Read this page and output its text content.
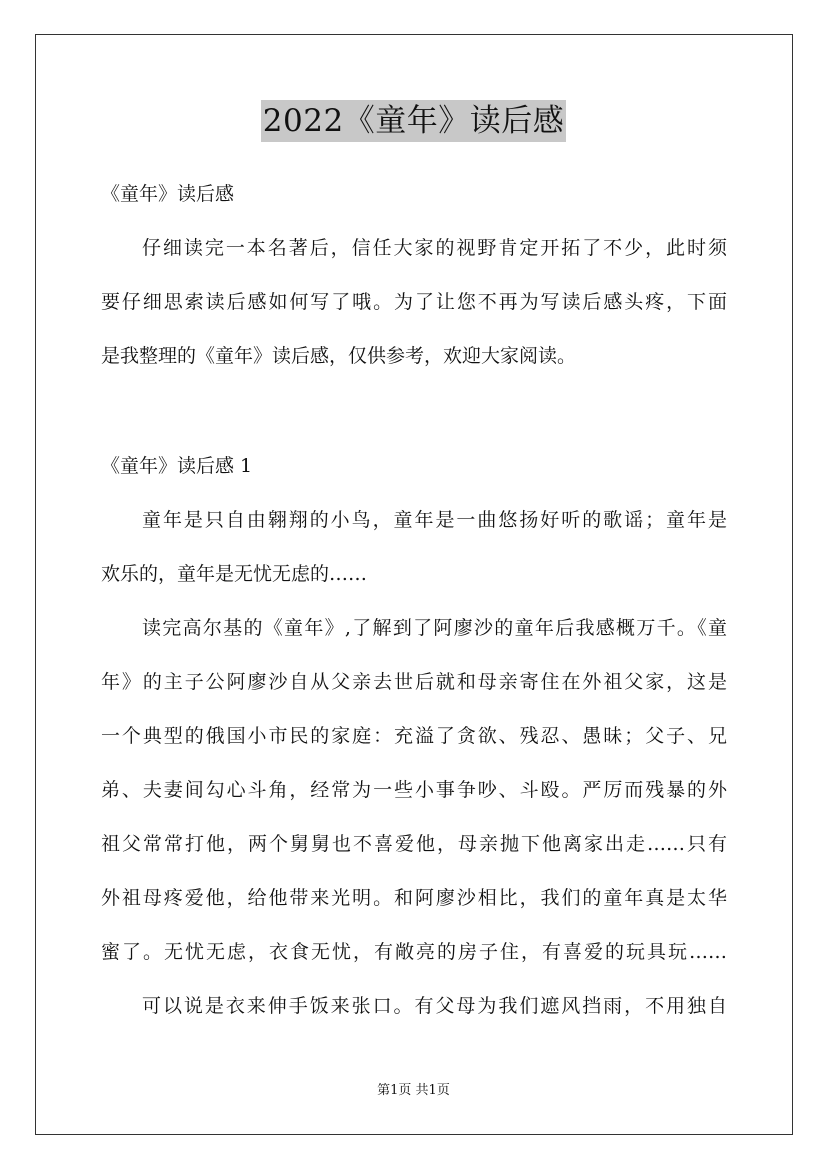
2022《童年》读后感
《童年》读后感
仔细读完一本名著后，信任大家的视野肯定开拓了不少，此时须
要仔细思索读后感如何写了哦。为了让您不再为写读后感头疼，下面
是我整理的《童年》读后感，仅供参考，欢迎大家阅读。
《童年》读后感 1
童年是只自由翱翔的小鸟，童年是一曲悠扬好听的歌谣；童年是
欢乐的，童年是无忧无虑的……
读完高尔基的《童年》,了解到了阿廖沙的童年后我感概万千。《童
年》的主子公阿廖沙自从父亲去世后就和母亲寄住在外祖父家，这是
一个典型的俄国小市民的家庭：充溢了贪欲、残忍、愚昧；父子、兄
弟、夫妻间勾心斗角，经常为一些小事争吵、斗殴。严厉而残暴的外
祖父常常打他，两个舅舅也不喜爱他，母亲抛下他离家出走……只有
外祖母疼爱他，给他带来光明。和阿廖沙相比，我们的童年真是太华
蜜了。无忧无虑，衣食无忧，有敞亮的房子住，有喜爱的玩具玩……
可以说是衣来伸手饭来张口。有父母为我们遮风挡雨，不用独自
第1页 共1页
